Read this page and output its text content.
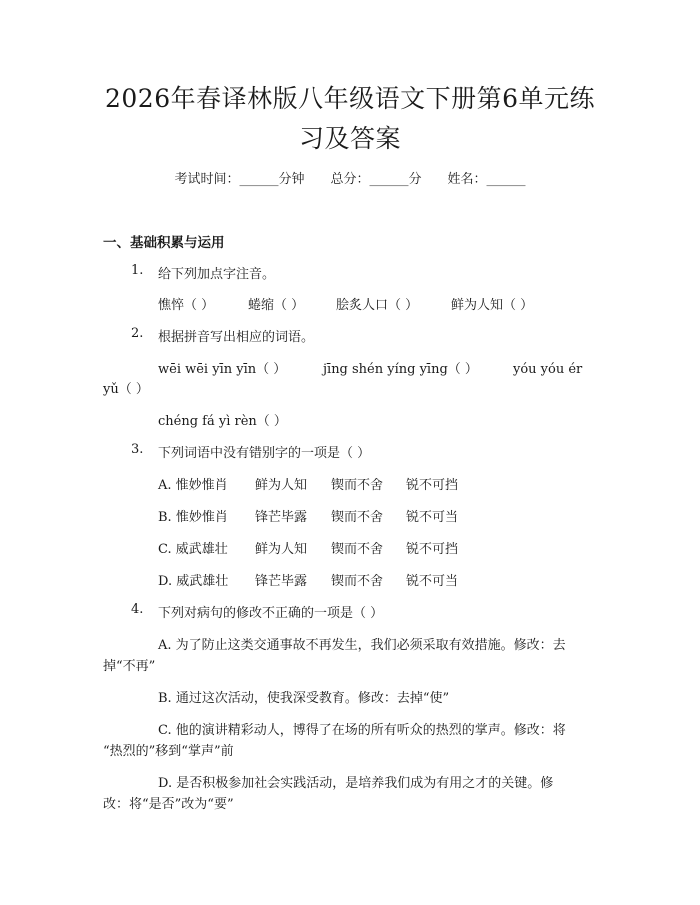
2026年春译林版八年级语文下册第6单元练
习及答案
考试时间：______分钟 总分：______分 姓名：______
一、基础积累与运用
1. 给下列加点字注音。
憔悴（ ）	蜷缩（ ） 脍炙人口（ ）	鲜为人知（ ）
2. 根据拼音写出相应的词语。
wēi wēi yīn yīn（ ）	jīng shén yíng yīng（ ）	yóu yóu ér
yǔ（ ）
chéng fá yì rèn（ ）
3. 下列词语中没有错别字的一项是（ ）
A. 惟妙惟肖 鲜为人知 锲而不舍 锐不可挡
B. 惟妙惟肖 锋芒毕露 锲而不舍 锐不可当
C. 威武雄壮 鲜为人知 锲而不舍 锐不可挡
D. 威武雄壮 锋芒毕露 锲而不舍 锐不可当
4. 下列对病句的修改不正确的一项是（ ）
A. 为了防止这类交通事故不再发生，我们必须采取有效措施。修改：去
掉“不再”
B. 通过这次活动，使我深受教育。修改：去掉“使”
C. 他的演讲精彩动人，博得了在场的所有听众的热烈的掌声。修改：将
“热烈的”移到“掌声”前
D. 是否积极参加社会实践活动，是培养我们成为有用之才的关键。修
改：将“是否”改为“要”
